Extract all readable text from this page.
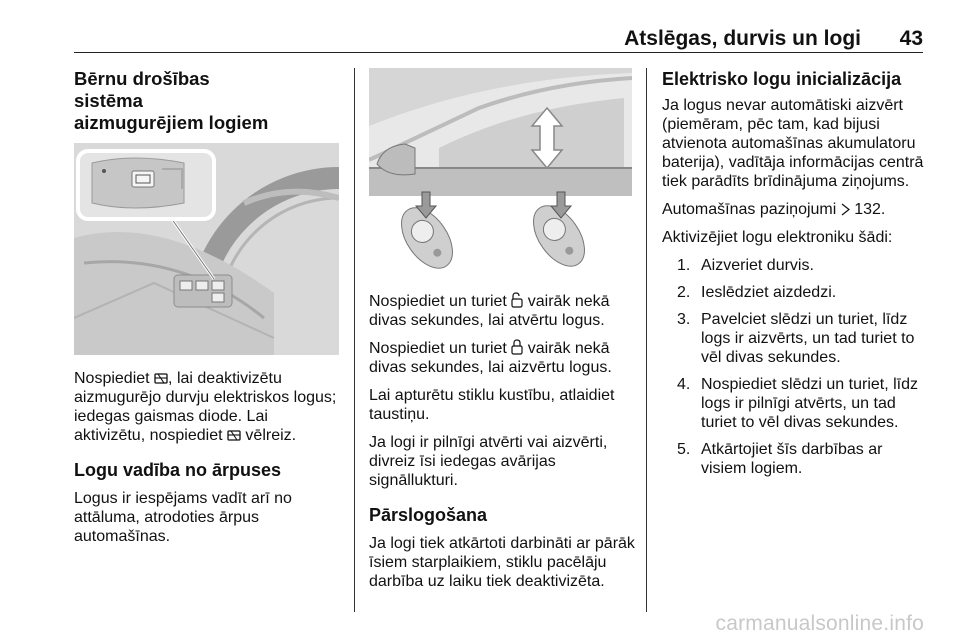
Atslēgas, durvis un logi 43
Bērnu drošības sistēma aizmugurējiem logiem

Nospiediet , lai deaktivizētu aizmugurējo durvju elektriskos logus; iedegas gaismas diode. Lai aktivizētu, nospiediet  vēlreiz.

Logu vadība no ārpuses

Logus ir iespējams vadīt arī no attāluma, atrodoties ārpus automašīnas.

Nospiediet un turiet  vairāk nekā divas sekundes, lai atvērtu logus.

Nospiediet un turiet  vairāk nekā divas sekundes, lai aizvērtu logus.

Lai apturētu stiklu kustību, atlaidiet taustiņu.

Ja logi ir pilnīgi atvērti vai aizvērti, divreiz īsi iedegas avārijas signāllukturi.

Pārslogošana

Ja logi tiek atkārtoti darbināti ar pārāk īsiem starplaikiem, stiklu pacēlāju darbība uz laiku tiek deaktivizēta.

Elektrisko logu inicializācija

Ja logus nevar automātiski aizvērt (piemēram, pēc tam, kad bijusi atvienota automašīnas akumulatoru baterija), vadītāja informācijas centrā tiek parādīts brīdinājuma ziņojums.

Automašīnas paziņojumi  132.

Aktivizējiet logu elektroniku šādi:

1. Aizveriet durvis.
2. Ieslēdziet aizdedzi.
3. Pavelciet slēdzi un turiet, līdz logs ir aizvērts, un tad turiet to vēl divas sekundes.
4. Nospiediet slēdzi un turiet, līdz logs ir pilnīgi atvērts, un tad turiet to vēl divas sekundes.
5. Atkārtojiet šīs darbības ar visiem logiem.
carmanualsonline.info
